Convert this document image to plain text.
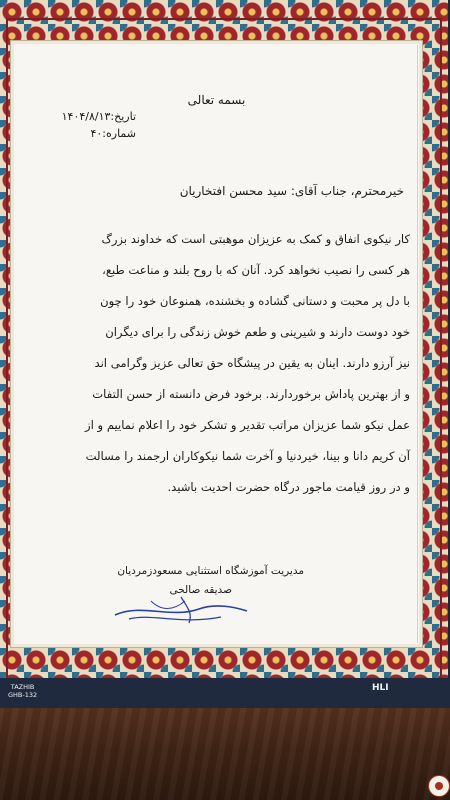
بسمه تعالی
تاریخ:۱۴۰۴/۸/۱۳
شماره:۴۰
خیرمحترم، جناب آقای: سید محسن افتخاریان
کار نیکوی انفاق و کمک به عزیزان موهبتی است که خداوند بزرگ
هر کسی را نصیب نخواهد کرد. آنان که با روح بلند و مناعت طبع،
با دل پر محبت و دستانی گشاده و بخشنده، همنوعان خود را چون
خود دوست دارند و شیرینی و طعم خوش زندگی را برای دیگران
نیز آرزو دارند. اینان به یقین در پیشگاه حق تعالی عزیز وگرامی اند
و از بهترین پاداش برخوردارند. برخود فرض دانسته از حسن التفات
عمل نیکو شما عزیزان مراتب تقدیر و تشکر خود را اعلام نماییم و از
آن کریم دانا و بینا، خیردنیا و آخرت شما نیکوکاران ارجمند را مسالت
و در روز قیامت ماجور درگاه حضرت احدیت باشید.
مدیریت آموزشگاه استثنایی مسعودزمردیان
صدیقه صالحی
TAZHIB
GHB-132
HLI
